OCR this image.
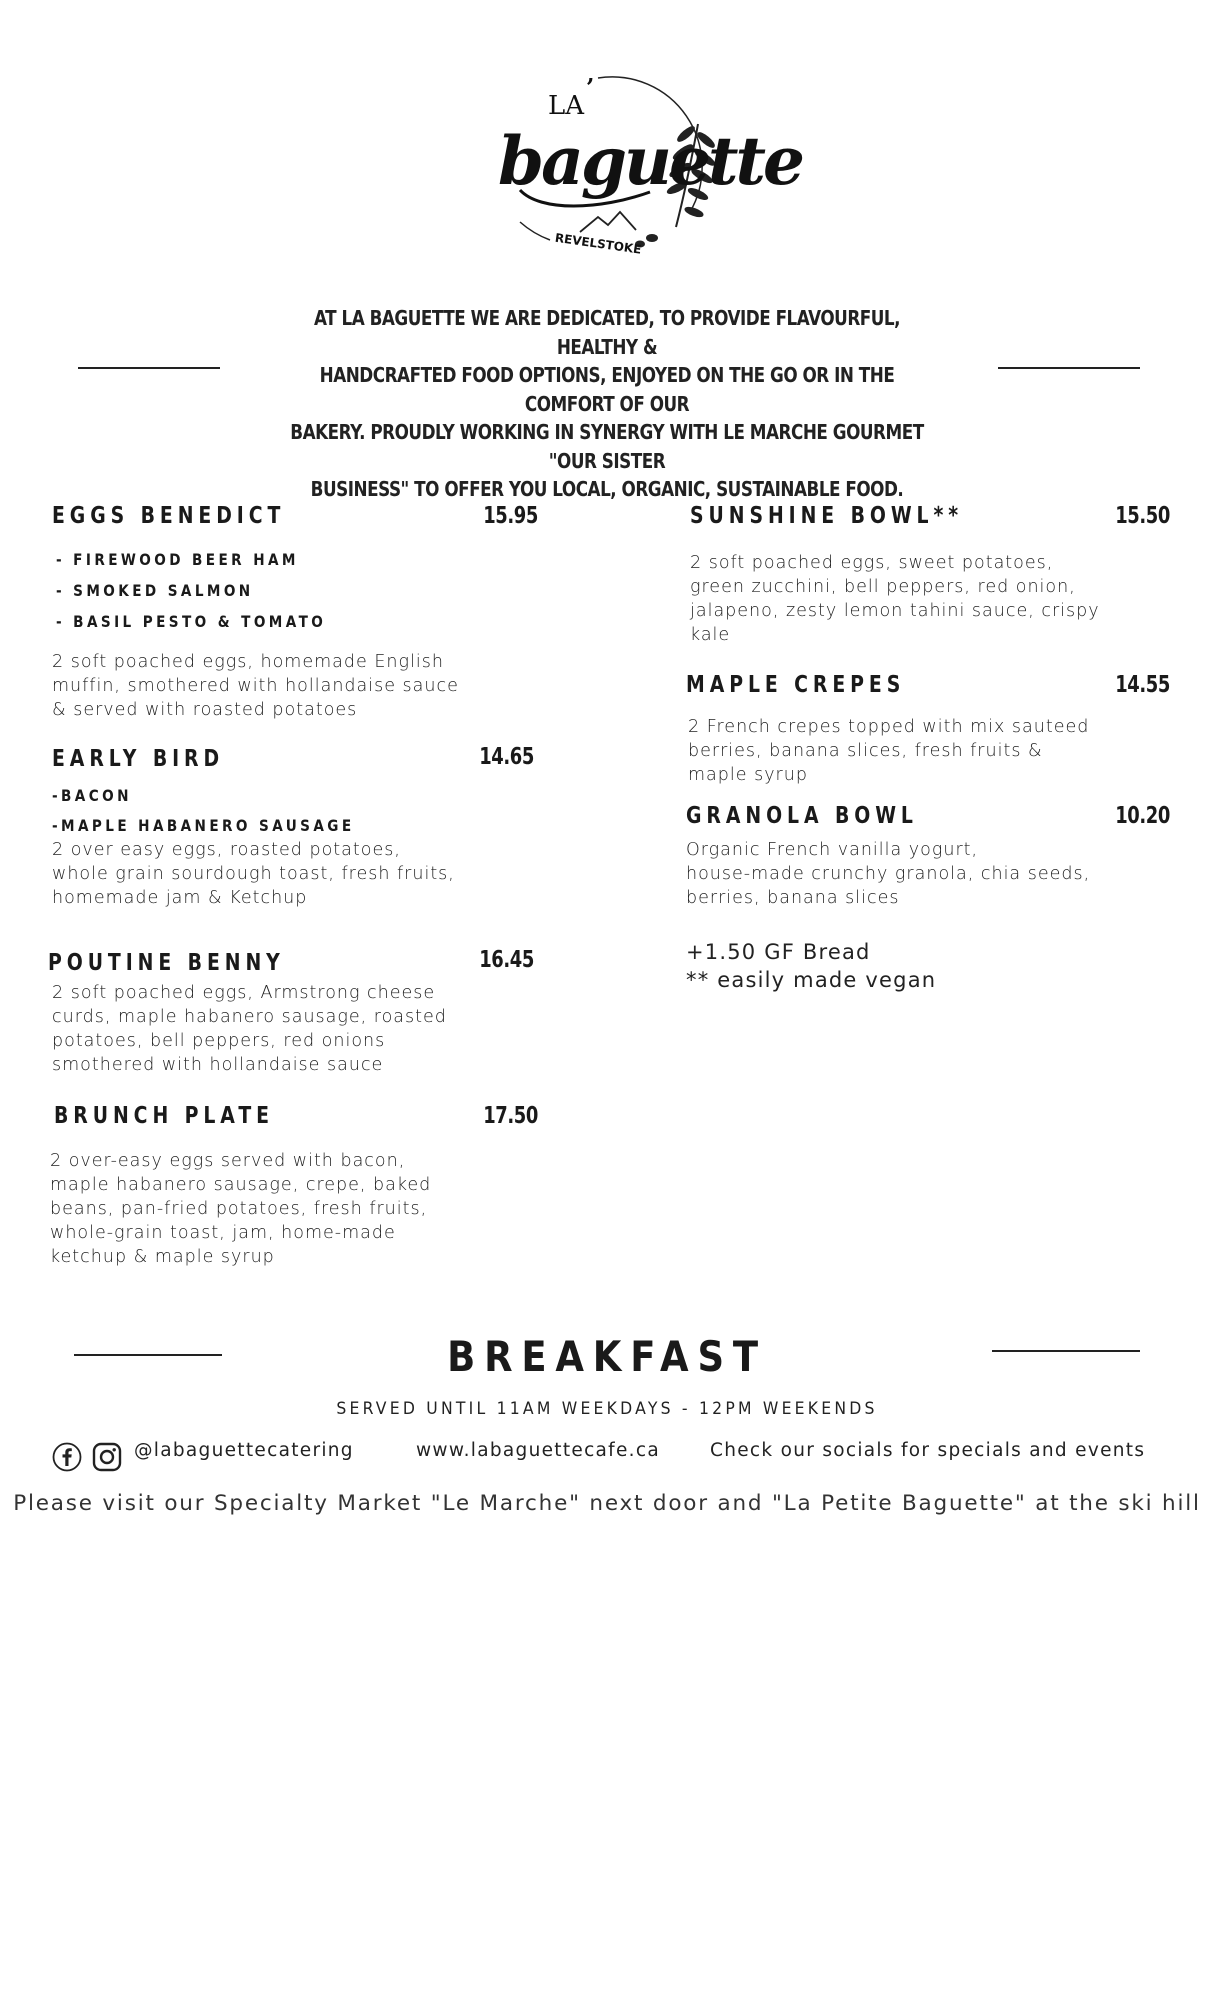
LA
’
baguette
REVELSTOKE
AT LA BAGUETTE WE ARE DEDICATED, TO PROVIDE FLAVOURFUL, HEALTHY &
HANDCRAFTED FOOD OPTIONS, ENJOYED ON THE GO OR IN THE COMFORT OF OUR
BAKERY. PROUDLY WORKING IN SYNERGY WITH LE MARCHE GOURMET "OUR SISTER
BUSINESS" TO OFFER YOU LOCAL, ORGANIC, SUSTAINABLE FOOD.
EGGS BENEDICT	15.95
- FIREWOOD BEER HAM
- SMOKED SALMON
- BASIL PESTO & TOMATO
2 soft poached eggs, homemade English
muffin, smothered with hollandaise sauce
& served with roasted potatoes
EARLY BIRD	14.65
-BACON
-MAPLE HABANERO SAUSAGE
2 over easy eggs, roasted potatoes,
whole grain sourdough toast, fresh fruits,
homemade jam & Ketchup
POUTINE BENNY	16.45
2 soft poached eggs, Armstrong cheese
curds, maple habanero sausage, roasted
potatoes, bell peppers, red onions
smothered with hollandaise sauce
BRUNCH PLATE	17.50
2 over-easy eggs served with bacon,
maple habanero sausage, crepe, baked
beans, pan-fried potatoes, fresh fruits,
whole-grain toast, jam, home-made
ketchup & maple syrup
SUNSHINE BOWL**	15.50
2 soft poached eggs, sweet potatoes,
green zucchini, bell peppers, red onion,
jalapeno, zesty lemon tahini sauce, crispy
kale
MAPLE CREPES	14.55
2 French crepes topped with mix sauteed
berries, banana slices, fresh fruits &
maple syrup
GRANOLA BOWL	10.20
Organic French vanilla yogurt,
house-made crunchy granola, chia seeds,
berries, banana slices
+1.50 GF Bread
** easily made vegan
BREAKFAST
SERVED UNTIL 11AM WEEKDAYS - 12PM WEEKENDS
@labaguettecatering	www.labaguettecafe.ca	Check our socials for specials and events
Please visit our Specialty Market "Le Marche" next door and "La Petite Baguette" at the ski hill
